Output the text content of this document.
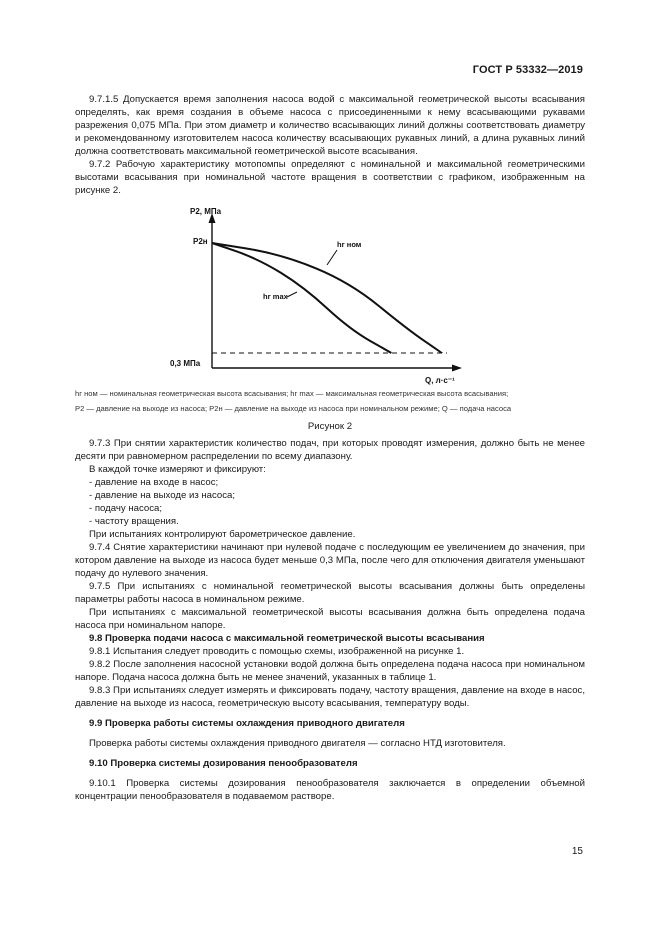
ГОСТ Р 53332—2019

9.7.1.5 Допускается время заполнения насоса водой с максимальной геометрической высоты всасывания определять, как время создания в объеме насоса с присоединенными к нему всасывающими рукавами разрежения 0,075 МПа. При этом диаметр и количество всасывающих линий должны соответствовать диаметру и рекомендованному изготовителем насоса количеству всасывающих рукавных линий, а длина рукавных линий должна соответствовать максимальной геометрической высоте всасывания.

9.7.2 Рабочую характеристику мотопомпы определяют с номинальной и максимальной геометрическими высотами всасывания при номинальной частоте вращения в соответствии с графиком, изображенным на рисунке 2.

P2, МПа
Q, л·с⁻¹
P2н
0,3 МПа
hг ном
hг max

hг ном — номинальная геометрическая высота всасывания; hг max — максимальная геометрическая высота всасывания;

P2 — давление на выходе из насоса; P2н — давление на выходе из насоса при номинальном режиме; Q — подача насоса

Рисунок 2

9.7.3 При снятии характеристик количество подач, при которых проводят измерения, должно быть не менее десяти при равномерном распределении по всему диапазону.

В каждой точке измеряют и фиксируют:

- давление на входе в насос;

- давление на выходе из насоса;

- подачу насоса;

- частоту вращения.

При испытаниях контролируют барометрическое давление.

9.7.4 Снятие характеристики начинают при нулевой подаче с последующим ее увеличением до значения, при котором давление на выходе из насоса будет меньше 0,3 МПа, после чего для отключения двигателя уменьшают подачу до нулевого значения.

9.7.5 При испытаниях с номинальной геометрической высоты всасывания должны быть определены параметры работы насоса в номинальном режиме.

При испытаниях с максимальной геометрической высоты всасывания должна быть определена подача насоса при номинальном напоре.

9.8 Проверка подачи насоса с максимальной геометрической высоты всасывания

9.8.1 Испытания следует проводить с помощью схемы, изображенной на рисунке 1.

9.8.2 После заполнения насосной установки водой должна быть определена подача насоса при номинальном напоре. Подача насоса должна быть не менее значений, указанных в таблице 1.

9.8.3 При испытаниях следует измерять и фиксировать подачу, частоту вращения, давление на входе в насос, давление на выходе из насоса, геометрическую высоту всасывания, температуру воды.

9.9 Проверка работы системы охлаждения приводного двигателя

Проверка работы системы охлаждения приводного двигателя — согласно НТД изготовителя.

9.10 Проверка системы дозирования пенообразователя

9.10.1 Проверка системы дозирования пенообразователя заключается в определении объемной концентрации пенообразователя в подаваемом растворе.

15
